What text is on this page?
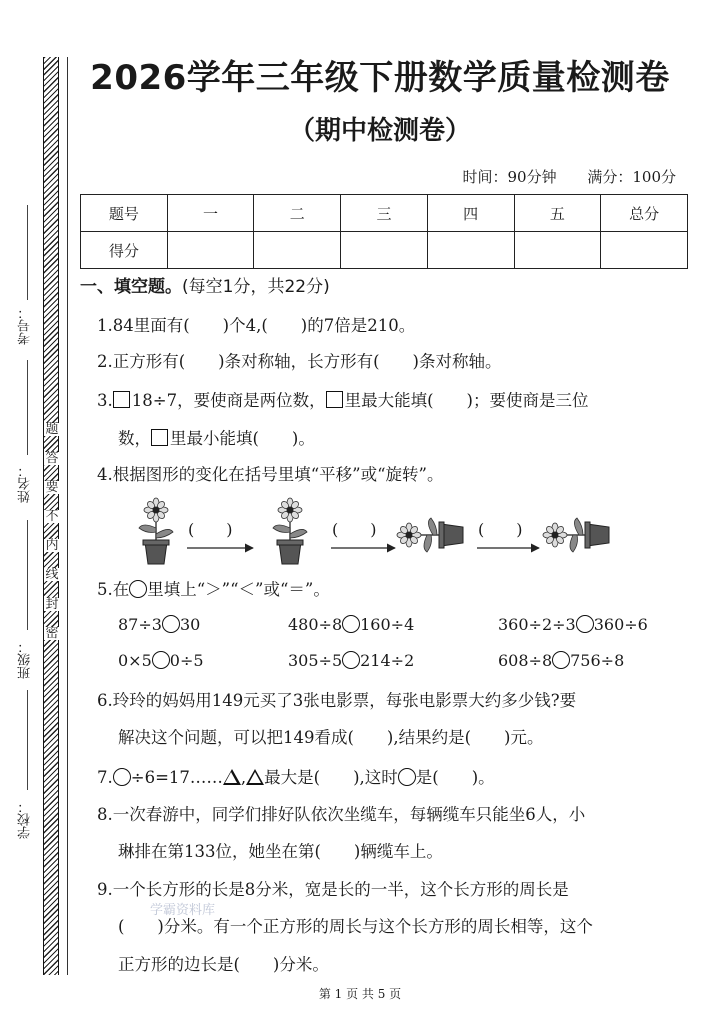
学校：
班级：
姓名：
考号：
密
封
线
内
不
要
答
题
2026学年三年级下册数学质量检测卷
（期中检测卷）
时间：90分钟 满分：100分
题号	一	二	三	四	五	总分
得分						
一、填空题。(每空1分，共22分)
1.84里面有(　　)个4,(　　)的7倍是210。
2.正方形有(　　)条对称轴，长方形有(　　)条对称轴。
3. 18÷7，要使商是两位数， 里最大能填(　　)；要使商是三位
数， 里最小能填(　　)。
4.根据图形的变化在括号里填“平移”或“旋转”。
(　　)	(　　)	(　　)
5.在 里填上“＞”“＜”或“＝”。
87÷3 30	480÷8 160÷4	360÷2÷3 360÷6
0×5 0÷5	305÷5 214÷2	608÷8 756÷8
6.玲玲的妈妈用149元买了3张电影票，每张电影票大约多少钱?要
解决这个问题，可以把149看成(　　),结果约是(　　)元。
7. ÷6=17…… , 最大是(　　),这时 是(　　)。
8.一次春游中，同学们排好队依次坐缆车，每辆缆车只能坐6人，小
琳排在第133位，她坐在第(　　)辆缆车上。
9.一个长方形的长是8分米，宽是长的一半，这个长方形的周长是
(　　)分米。有一个正方形的周长与这个长方形的周长相等，这个
正方形的边长是(　　)分米。
学霸资料库
第 1 页 共 5 页
